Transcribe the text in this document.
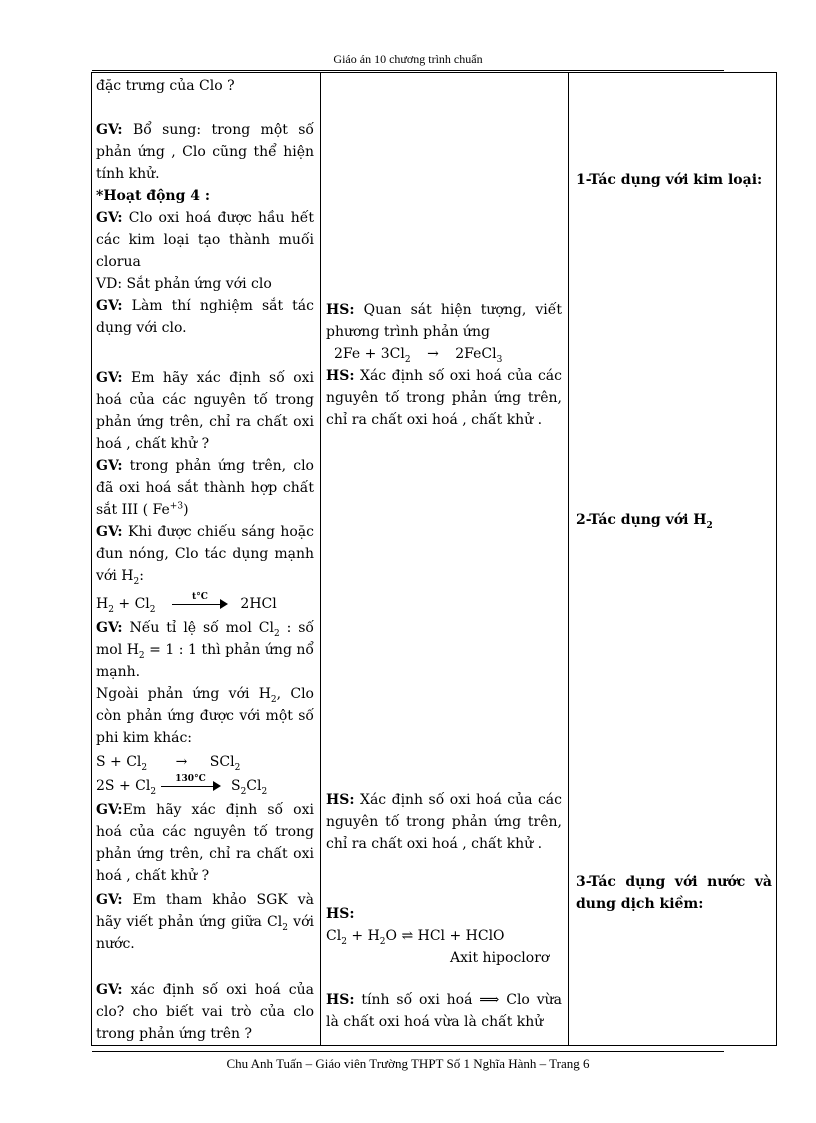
Giáo án 10 chương trình chuẩn
đặc trưng của Clo ?
GV: Bổ sung: trong một số phản ứng , Clo cũng thể hiện tính khử.
*Hoạt động 4 :
GV: Clo oxi hoá được hầu hết các kim loại tạo thành muối clorua
VD: Sắt phản ứng với clo
GV: Làm thí nghiệm sắt tác dụng với clo.
GV: Em hãy xác định số oxi hoá của các nguyên tố trong phản ứng trên, chỉ ra chất oxi hoá , chất khử ?
GV: trong phản ứng trên, clo đã oxi hoá sắt thành hợp chất sắt III ( $Fe^{+3}$)
GV: Khi được chiếu sáng hoặc đun nóng, Clo tác dụng mạnh với $H_2$:
$H_2 + Cl_2$
t°C	2HCl
GV: Nếu tỉ lệ số mol $Cl_2$ : số mol $H_2 = 1$ : 1 thì phản ứng nổ mạnh.
Ngoài phản ứng với $H_2$, Clo còn phản ứng được với một số phi kim khác:
$S + Cl_2 \to SCl_2$
$2S + Cl_2$
130°C	$S_2Cl_2$
GV:Em hãy xác định số oxi hoá của các nguyên tố trong phản ứng trên, chỉ ra chất oxi hoá , chất khử ?
GV: Em tham khảo SGK và hãy viết phản ứng giữa $Cl_2$ với nước.
GV: xác định số oxi hoá của clo? cho biết vai trò của clo trong phản ứng trên ?
HS: Quan sát hiện tượng, viết phương trình phản ứng
$2Fe + 3Cl_2$ → 2FeCl$_3$
HS: Xác định số oxi hoá của các nguyên tố trong phản ứng trên, chỉ ra chất oxi hoá , chất khử .
HS: Xác định số oxi hoá của các nguyên tố trong phản ứng trên, chỉ ra chất oxi hoá , chất khử .
HS:
$Cl_2 + H_2O$ ⇌ HCl + HClO
Axit hipoclorơ
HS: tính số oxi hoá ⟹ Clo vừa là chất oxi hoá vừa là chất khử
1-Tác dụng với kim loại:
2-Tác dụng với $H_2$
3-Tác dụng với nước và dung dịch kiềm:
Chu Anh Tuấn – Giáo viên Trường THPT Số 1 Nghĩa Hành – Trang 6
